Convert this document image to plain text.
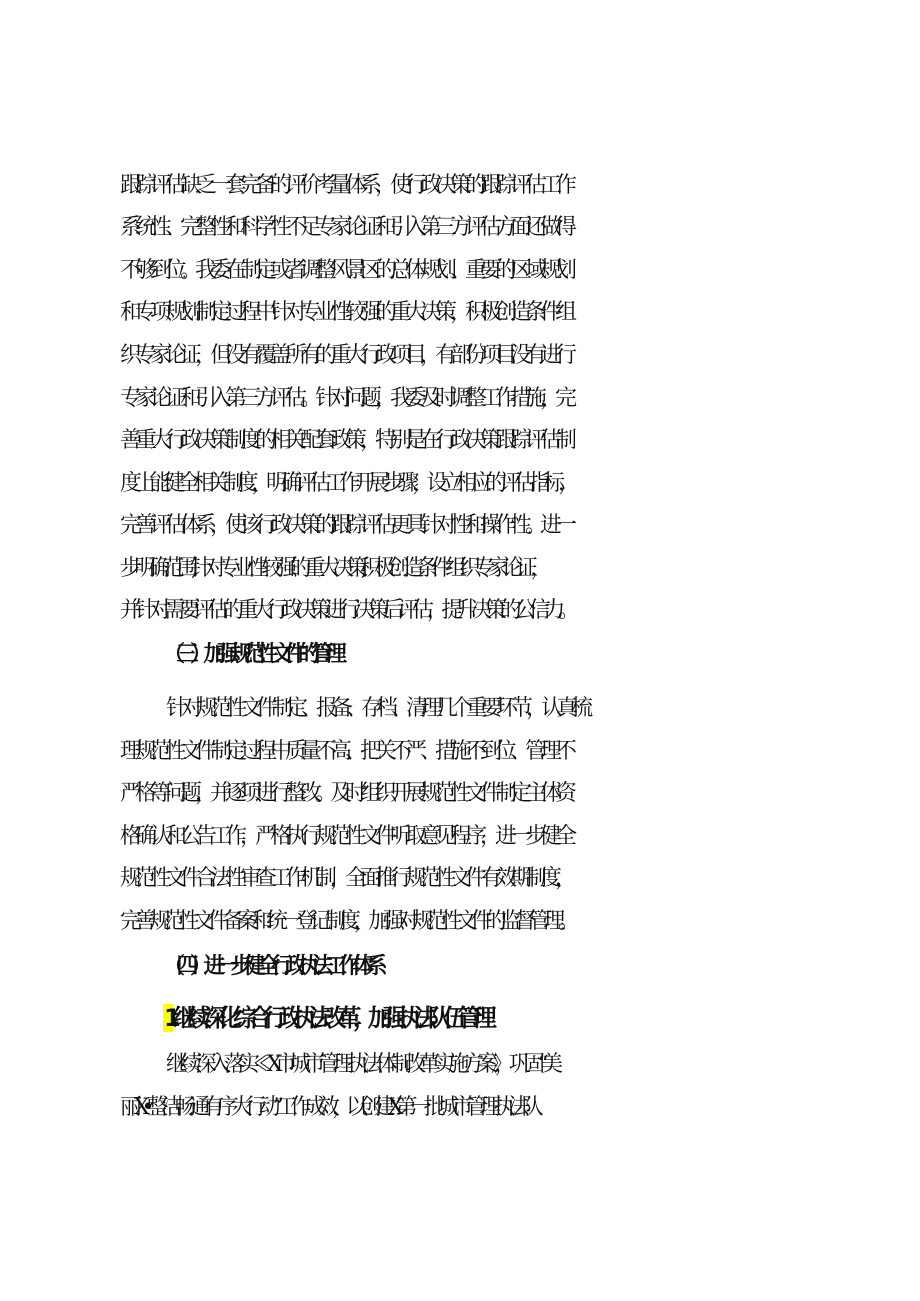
跟踪评估缺乏一套完备的评价考量体系，使行政决策的跟踪评估工作
系统性、完整性和科学性不足专家论证和引入第三方评估方面还做得
不够到位。我委在制定或者调整风景区的总体规划、重要的区域规划
和专项规划制定过程中针对专业性较强的重大决策，积极创造条件组
织专家论证，但没有覆盖所有的重大行政项目，有部份项目没有进行
专家论证和引入第三方评估。针对问题，我委及时调整工作措施，完
善重大行政决策制度的相关配套政策，特别是在行政决策跟踪评估制
度上能健全相关制度，明确评估工作开展步骤，设立相应的评估指标，
完善评估体系，使该行政决策的跟踪评估更具针对性和操作性。进一
步明确范围,针对专业性较强的重大决策,积极创造条件组织专家论证，
并针对需要评估的重大行政决策进行决策后评估，提升决策的公信力。
（三）加强规范性文件的管理
针对规范性文件制定、报备、存档、清理几个重要环节，认真梳
理规范性文件制定过程中质量不高、把关不严、措施不到位、管理不
严格等问题，并逐项进行整改。及时组织开展规范性文件制定主体资
格确认和公告工作，严格执行规范性文件听取意见程序，进一步健全
规范性文件合法性审查工作机制，全面推行规范性文件有效期制度，
完善规范性文件备案和统一登记制度，加强对规范性文件的监督管理。
（四）进一步健全行政执法工作体系
1.继续深化综合行政执法改革，加强执法队伍管理
继续深入落实≪X市城市管理执法体制改革实施方案》，巩固“美
丽X•整洁畅通有序大行动”工作成效，以创建X第一批城市管理执法队
